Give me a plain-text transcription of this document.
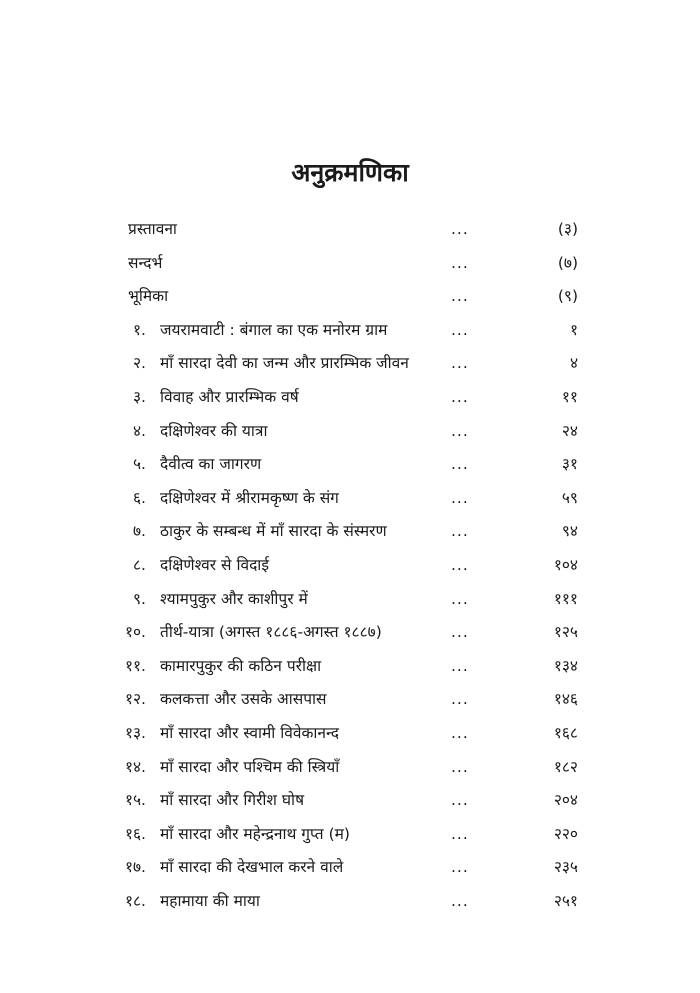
अनुक्रमणिका
प्रस्तावना	...	(३)
सन्दर्भ	...	(७)
भूमिका	...	(९)
१. जयरामवाटी : बंगाल का एक मनोरम ग्राम	...	१
२. माँ सारदा देवी का जन्म और प्रारम्भिक जीवन	...	४
३. विवाह और प्रारम्भिक वर्ष	...	११
४. दक्षिणेश्वर की यात्रा	...	२४
५. दैवीत्व का जागरण	...	३१
६. दक्षिणेश्वर में श्रीरामकृष्ण के संग	...	५९
७. ठाकुर के सम्बन्ध में माँ सारदा के संस्मरण	...	९४
८. दक्षिणेश्वर से विदाई	...	१०४
९. श्यामपुकुर और काशीपुर में	...	१११
१०. तीर्थ-यात्रा (अगस्त १८८६-अगस्त १८८७)	...	१२५
११. कामारपुकुर की कठिन परीक्षा	...	१३४
१२. कलकत्ता और उसके आसपास	...	१४६
१३. माँ सारदा और स्वामी विवेकानन्द	...	१६८
१४. माँ सारदा और पश्चिम की स्त्रियाँ	...	१८२
१५. माँ सारदा और गिरीश घोष	...	२०४
१६. माँ सारदा और महेन्द्रनाथ गुप्त (म)	...	२२०
१७. माँ सारदा की देखभाल करने वाले	...	२३५
१८. महामाया की माया	...	२५१
